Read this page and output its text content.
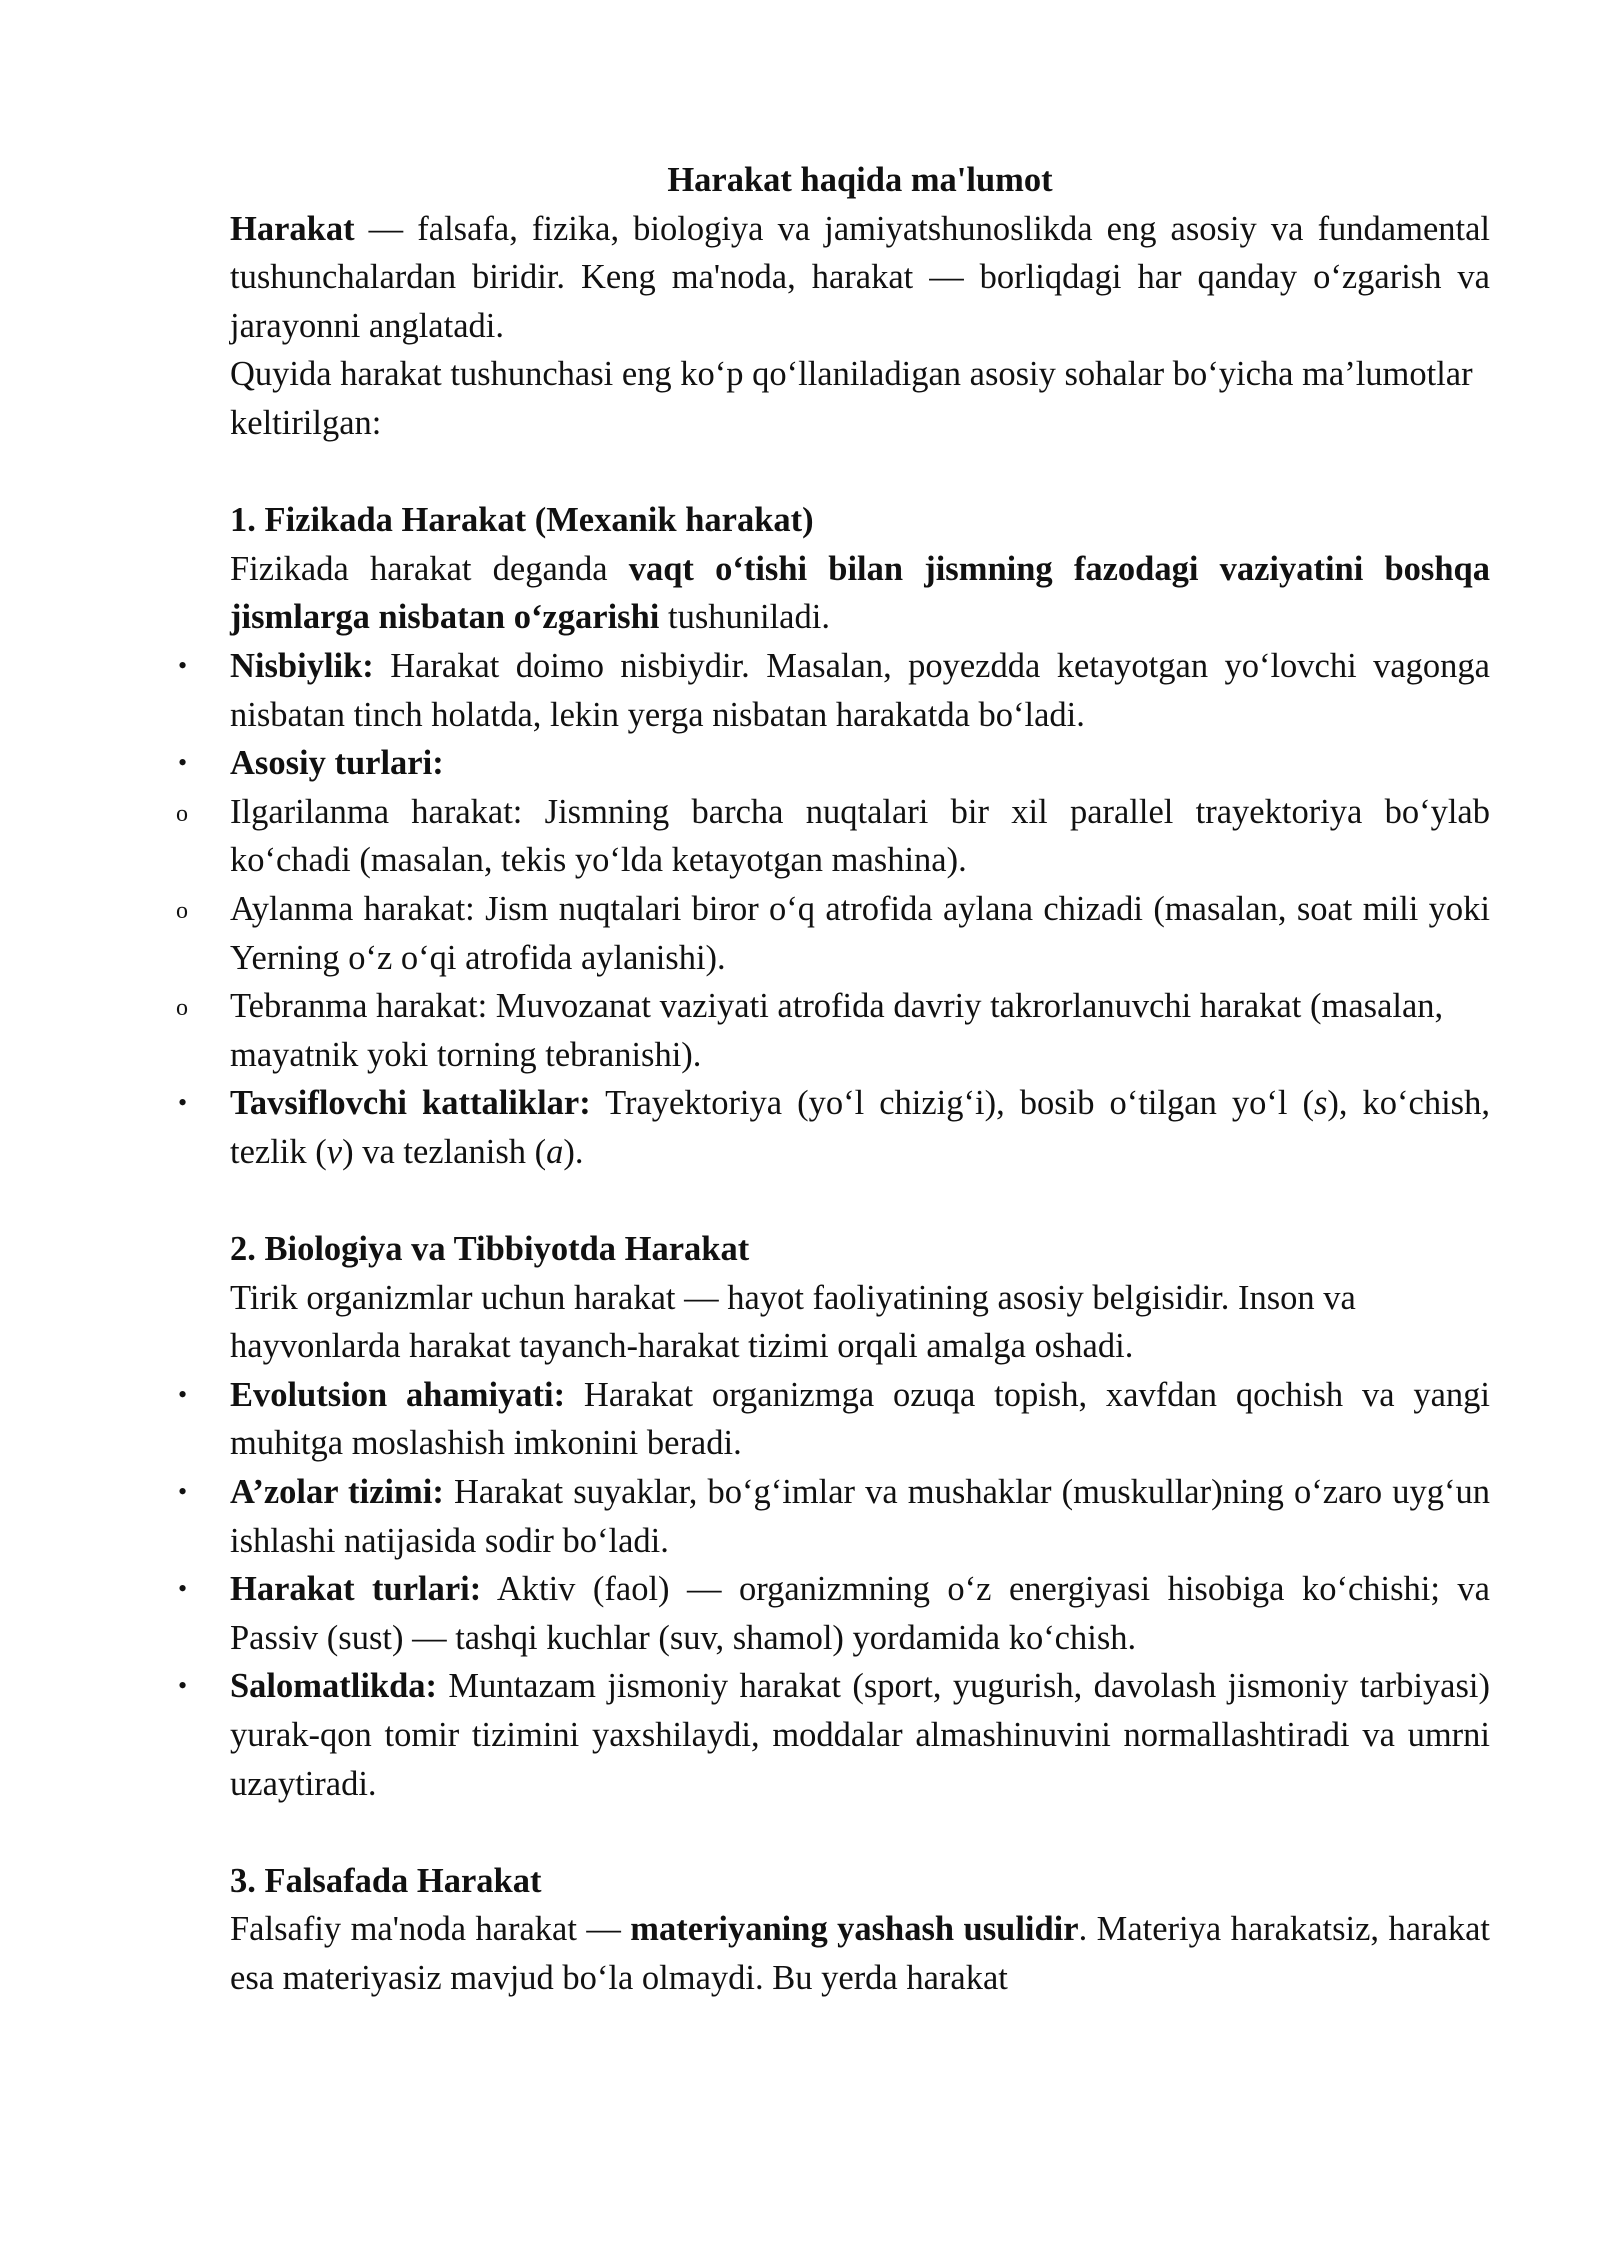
Harakat haqida ma'lumot

Harakat — falsafa, fizika, biologiya va jamiyatshunoslikda eng asosiy va fundamental tushunchalardan biridir. Keng ma'noda, harakat — borliqdagi har qanday oʻzgarish va jarayonni anglatadi.

Quyida harakat tushunchasi eng koʻp qoʻllaniladigan asosiy sohalar boʻyicha ma’lumotlar keltirilgan:

1. Fizikada Harakat (Mexanik harakat)

Fizikada harakat deganda vaqt oʻtishi bilan jismning fazodagi vaziyatini boshqa jismlarga nisbatan oʻzgarishi tushuniladi.

• Nisbiylik: Harakat doimo nisbiydir. Masalan, poyezdda ketayotgan yoʻlovchi vagonga nisbatan tinch holatda, lekin yerga nisbatan harakatda boʻladi.
• Asosiy turlari:
o Ilgarilanma harakat: Jismning barcha nuqtalari bir xil parallel trayektoriya boʻylab koʻchadi (masalan, tekis yoʻlda ketayotgan mashina).
o Aylanma harakat: Jism nuqtalari biror oʻq atrofida aylana chizadi (masalan, soat mili yoki Yerning oʻz oʻqi atrofida aylanishi).
o Tebranma harakat: Muvozanat vaziyati atrofida davriy takrorlanuvchi harakat (masalan, mayatnik yoki torning tebranishi).
• Tavsiflovchi kattaliklar: Trayektoriya (yoʻl chizigʻi), bosib oʻtilgan yoʻl (s), koʻchish, tezlik (v) va tezlanish (a).
2. Biologiya va Tibbiyotda Harakat

Tirik organizmlar uchun harakat — hayot faoliyatining asosiy belgisidir. Inson va hayvonlarda harakat tayanch-harakat tizimi orqali amalga oshadi.

• Evolutsion ahamiyati: Harakat organizmga ozuqa topish, xavfdan qochish va yangi muhitga moslashish imkonini beradi.
• A’zolar tizimi: Harakat suyaklar, boʻgʻimlar va mushaklar (muskullar)ning oʻzaro uygʻun ishlashi natijasida sodir boʻladi.
• Harakat turlari: Aktiv (faol) — organizmning oʻz energiyasi hisobiga koʻchishi; va Passiv (sust) — tashqi kuchlar (suv, shamol) yordamida koʻchish.
• Salomatlikda: Muntazam jismoniy harakat (sport, yugurish, davolash jismoniy tarbiyasi) yurak-qon tomir tizimini yaxshilaydi, moddalar almashinuvini normallashtiradi va umrni uzaytiradi.
3. Falsafada Harakat

Falsafiy ma'noda harakat — materiyaning yashash usulidir. Materiya harakatsiz, harakat esa materiyasiz mavjud boʻla olmaydi. Bu yerda harakat
